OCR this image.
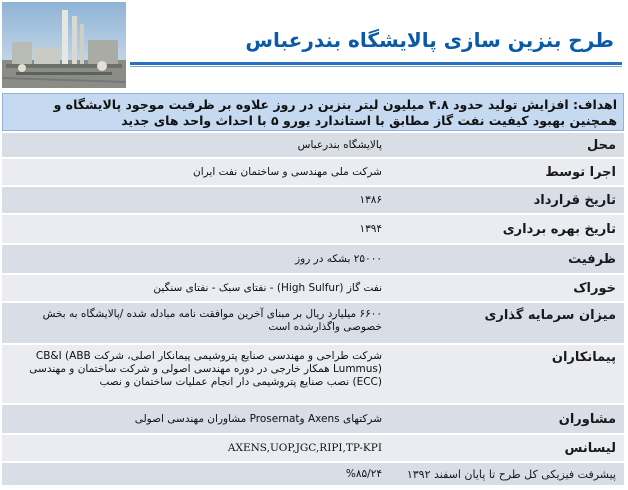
طرح بنزین سازی پالایشگاه بندرعباس
اهداف: افزایش تولید حدود ۴.۸ میلیون لیتر بنزین در روز علاوه بر ظرفیت موجود پالایشگاه و همچنین بهبود کیفیت نفت گاز مطابق با استاندارد یورو ۵ با احداث واحد های جدید
محل	پالایشگاه بندرعباس
اجرا توسط	شرکت ملی مهندسی و ساختمان نفت ایران
تاریخ قرارداد	۱۳۸۶
تاریخ بهره برداری	۱۳۹۴
ظرفیت	۲۵۰۰۰ بشکه در روز
خوراک	نفت گاز (High Sulfur) - نفتای سبک - نفتای سنگین
میزان سرمایه گذاری	۶۶۰۰ میلیارد ریال بر مبنای آخرین موافقت نامه مبادله شده /پالایشگاه به بخش خصوصی واگذارشده است
پیمانکاران	شرکت طراحی و مهندسی صنایع پتروشیمی پیمانکار اصلی، شرکت CB&I (ABB Lummus) همکار خارجی در دوره مهندسی اصولی و شرکت ساختمان و مهندسی (ECC) نصب صنایع پتروشیمی دار انجام عملیات ساختمان و نصب
مشاوران	شرکتهای Axens وProsernat مشاوران مهندسی اصولی
لیسانس	AXENS,UOP,JGC,RIPI,TP-KPI
پیشرفت فیزیکی کل طرح تا پایان اسفند ۱۳۹۲	%۸۵/۲۴
